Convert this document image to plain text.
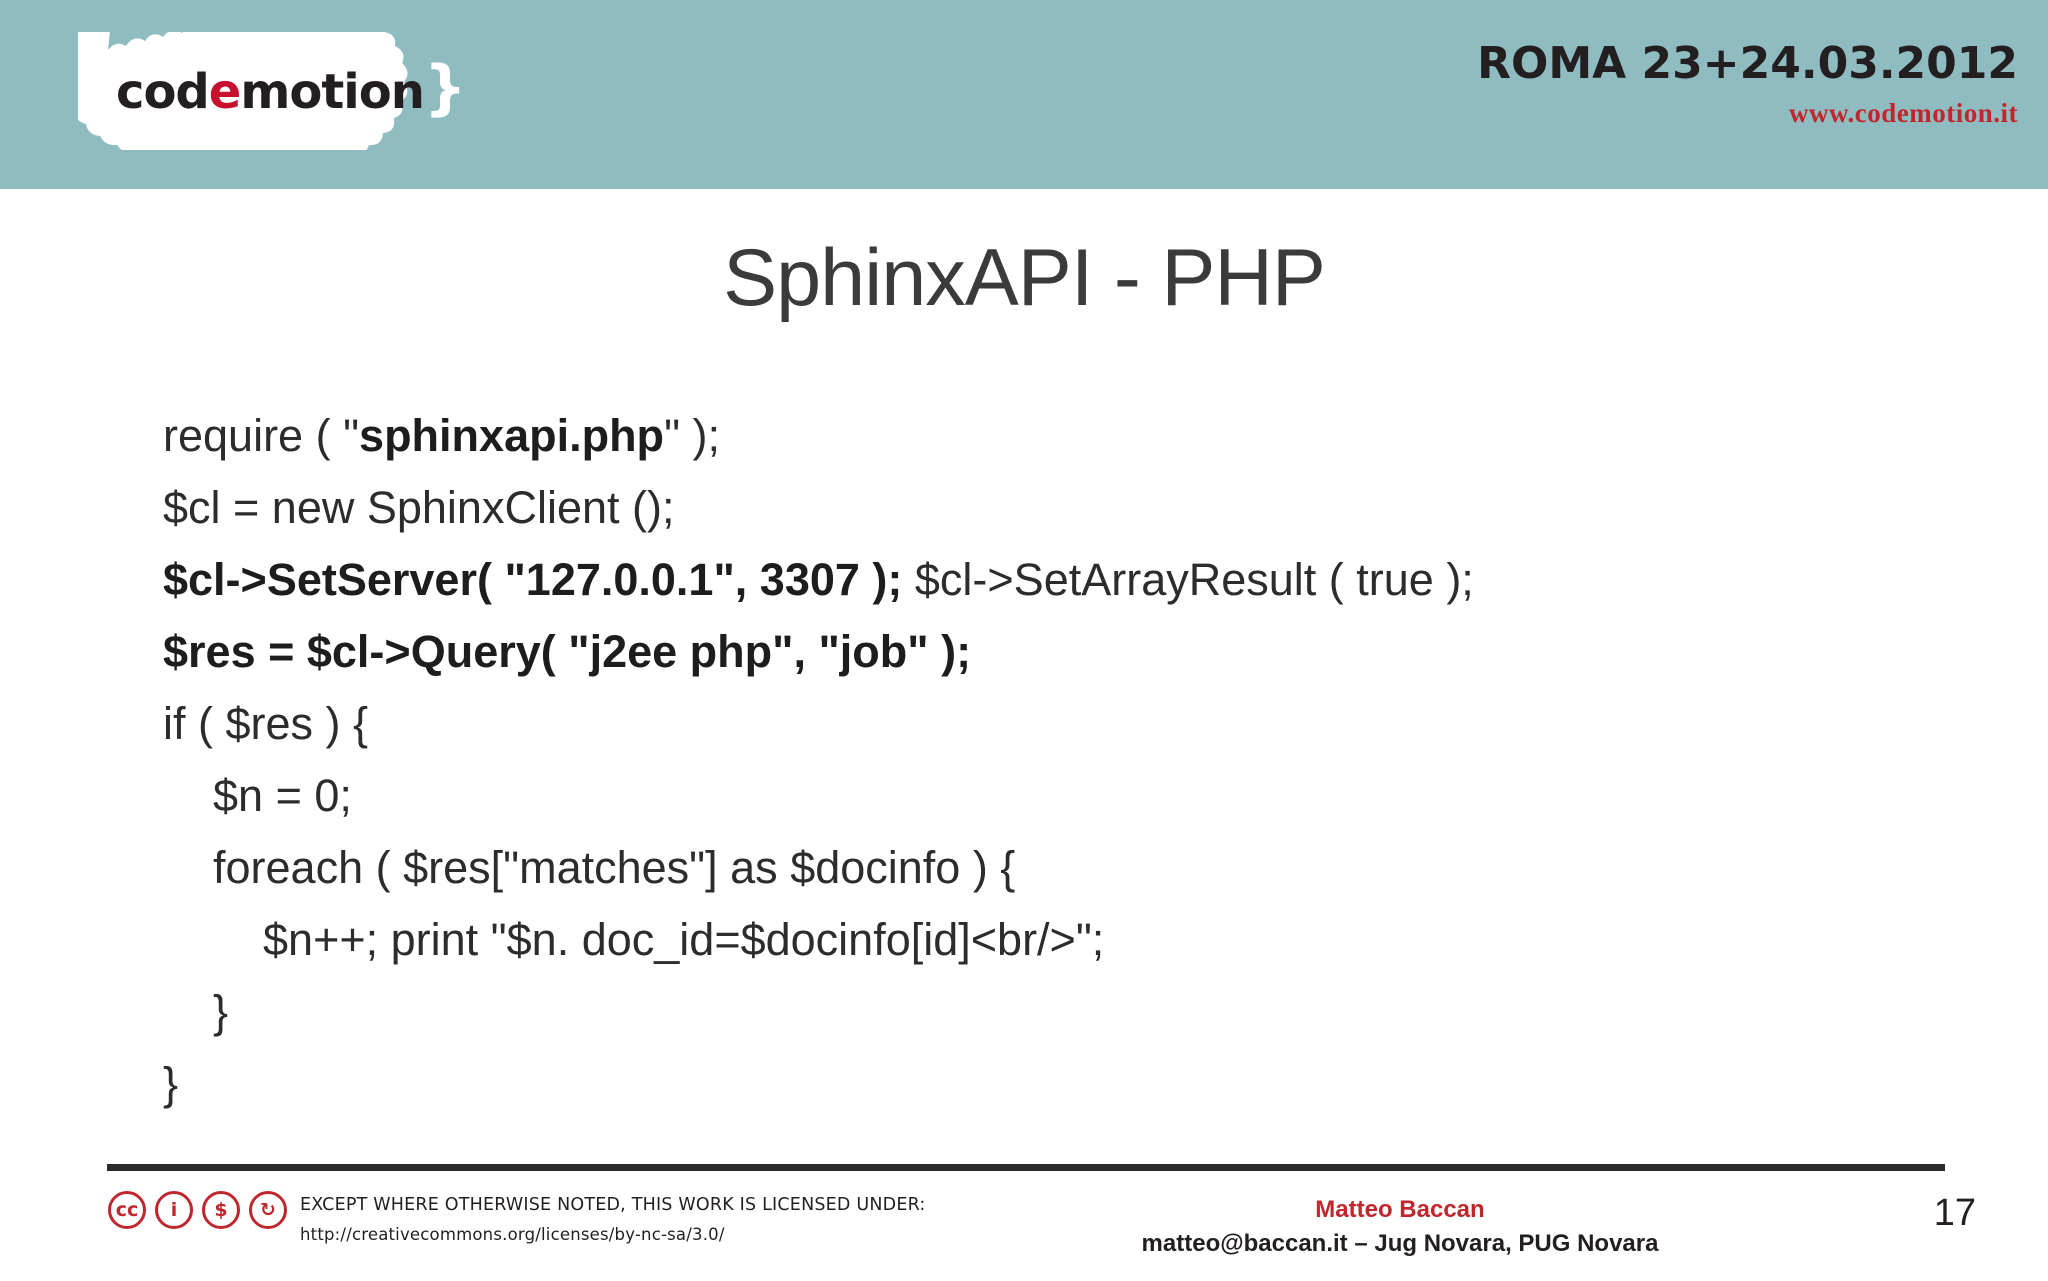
codemotion}	ROMA 23+24.03.2012
www.codemotion.it
SphinxAPI - PHP
require ( "sphinxapi.php" );
$cl = new SphinxClient ();
$cl->SetServer( "127.0.0.1", 3307 ); $cl->SetArrayResult ( true );
$res = $cl->Query( "j2ee php", "job" );
if ( $res ) {
$n = 0;
foreach ( $res["matches"] as $docinfo ) {
$n++; print "$n. doc_id=$docinfo[id]<br/>";
}
}
cc	i	$	↻	EXCEPT WHERE OTHERWISE NOTED, THIS WORK IS LICENSED UNDER:
http://creativecommons.org/licenses/by-nc-sa/3.0/
Matteo Baccan
matteo@baccan.it – Jug Novara, PUG Novara
17
